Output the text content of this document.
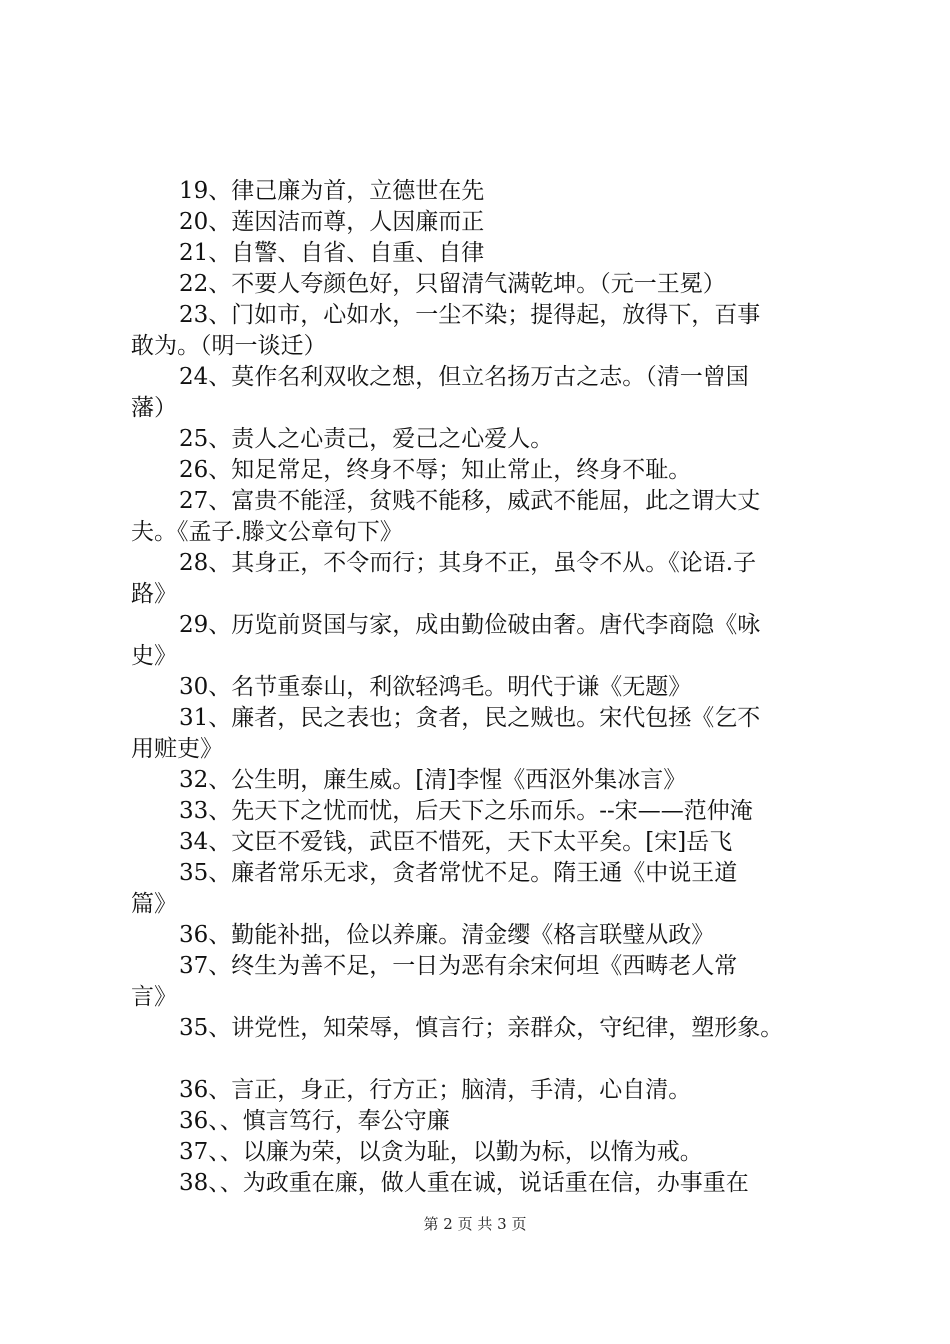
19、律己廉为首，立德世在先
20、莲因洁而尊，人因廉而正
21、自警、自省、自重、自律
22、不要人夸颜色好，只留清气满乾坤。（元一王冕）
23、门如市，心如水，一尘不染；提得起，放得下，百事
敢为。（明一谈迁）
24、莫作名利双收之想，但立名扬万古之志。（清一曾国
藩）
25、责人之心责己，爱己之心爱人。
26、知足常足，终身不辱；知止常止，终身不耻。
27、富贵不能淫，贫贱不能移，威武不能屈，此之谓大丈
夫。《孟子.滕文公章句下》
28、其身正，不令而行；其身不正，虽令不从。《论语.子
路》
29、历览前贤国与家，成由勤俭破由奢。唐代李商隐《咏
史》
30、名节重泰山，利欲轻鸿毛。明代于谦《无题》
31、廉者，民之表也；贪者，民之贼也。宋代包拯《乞不
用赃吏》
32、公生明，廉生威。[清]李惺《西沤外集冰言》
33、先天下之忧而忧，后天下之乐而乐。--宋——范仲淹
34、文臣不爱钱，武臣不惜死，天下太平矣。[宋]岳飞
35、廉者常乐无求，贪者常忧不足。隋王通《中说王道
篇》
36、勤能补拙，俭以养廉。清金缨《格言联璧从政》
37、终生为善不足，一日为恶有余宋何坦《西畴老人常
言》
35、讲党性，知荣辱，慎言行；亲群众，守纪律，塑形象。
36、言正，身正，行方正；脑清，手清，心自清。
36、、慎言笃行，奉公守廉
37、、以廉为荣，以贪为耻，以勤为标，以惰为戒。
38、、为政重在廉，做人重在诚，说话重在信，办事重在
第 2 页 共 3 页
